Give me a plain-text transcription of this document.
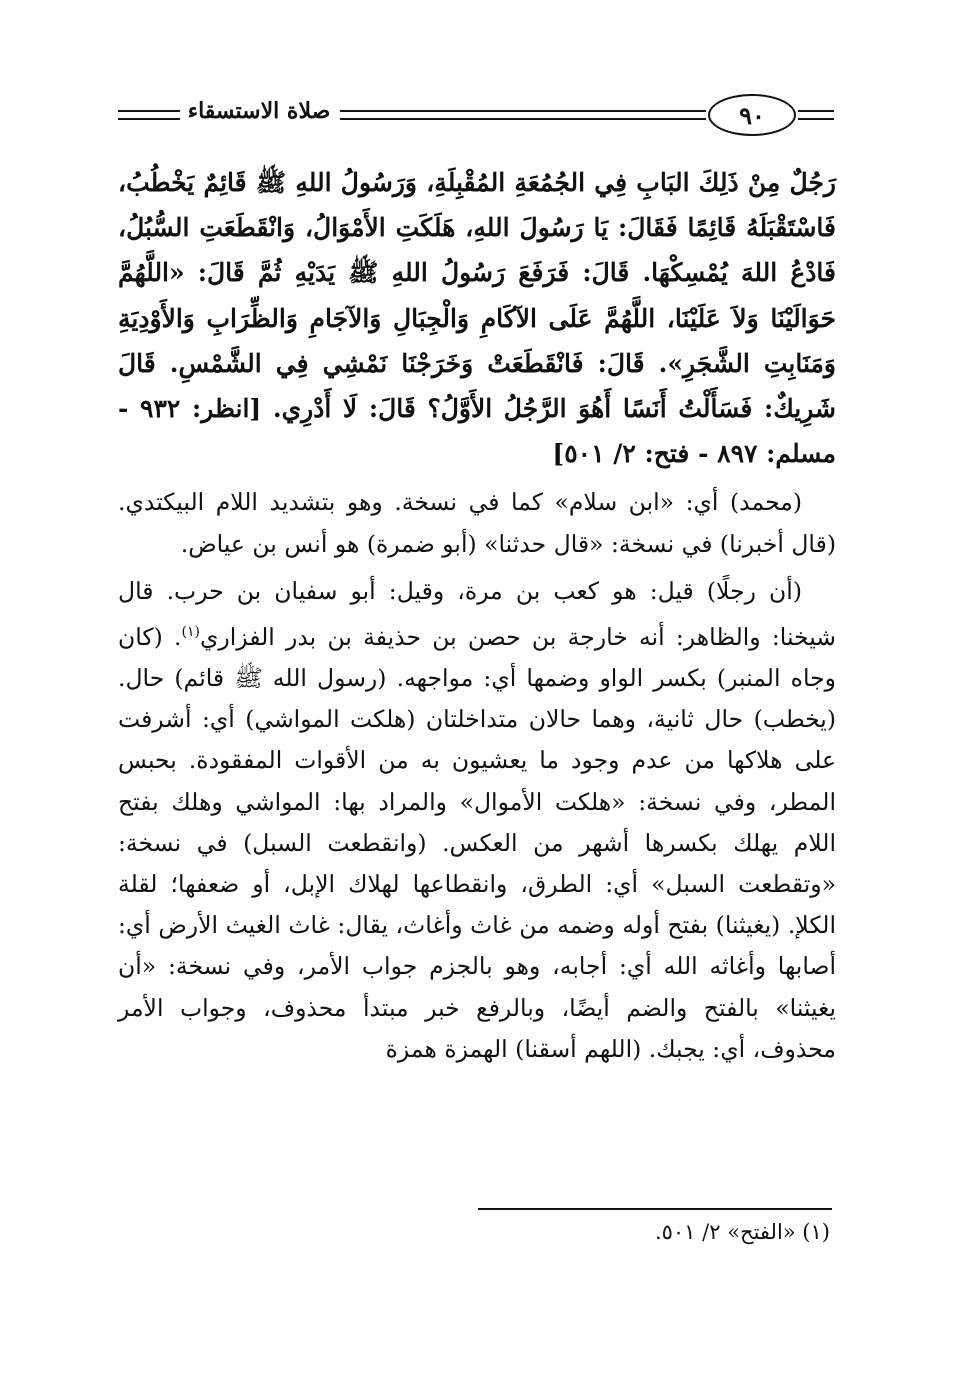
٩٠
صلاة الاستسقاء

رَجُلٌ مِنْ ذَلِكَ البَابِ فِي الجُمُعَةِ المُقْبِلَةِ، وَرَسُولُ اللهِ ﷺ قَائِمٌ يَخْطُبُ، فَاسْتَقْبَلَهُ قَائِمًا فَقَالَ: يَا رَسُولَ اللهِ، هَلَكَتِ الأَمْوَالُ، وَانْقَطَعَتِ السُّبُلُ، فَادْعُ اللهَ يُمْسِكْهَا. قَالَ: فَرَفَعَ رَسُولُ اللهِ ﷺ يَدَيْهِ ثُمَّ قَالَ: «اللَّهُمَّ حَوَالَيْنَا وَلاَ عَلَيْنَا، اللَّهُمَّ عَلَى الآكَامِ وَالْجِبَالِ وَالآجَامِ وَالظِّرَابِ وَالأَوْدِيَةِ وَمَنَابِتِ الشَّجَرِ». قَالَ: فَانْقَطَعَتْ وَخَرَجْنَا نَمْشِي فِي الشَّمْسِ. قَالَ شَرِيكٌ: فَسَأَلْتُ أَنَسًا أَهُوَ الرَّجُلُ الأَوَّلُ؟ قَالَ: لَا أَدْرِي. [انظر: ٩٣٢ - مسلم: ٨٩٧ - فتح: ٢/ ٥٠١]

(محمد) أي: «ابن سلام» كما في نسخة. وهو بتشديد اللام البيكتدي. (قال أخبرنا) في نسخة: «قال حدثنا» (أبو ضمرة) هو أنس بن عياض.

(أن رجلًا) قيل: هو كعب بن مرة، وقيل: أبو سفيان بن حرب. قال شيخنا: والظاهر: أنه خارجة بن حصن بن حذيفة بن بدر الفزاري$^{(١)}$. (كان وجاه المنبر) بكسر الواو وضمها أي: مواجهه. (رسول الله ﷺ قائم) حال. (يخطب) حال ثانية، وهما حالان متداخلتان (هلكت المواشي) أي: أشرفت على هلاكها من عدم وجود ما يعشيون به من الأقوات المفقودة. بحبس المطر، وفي نسخة: «هلكت الأموال» والمراد بها: المواشي وهلك بفتح اللام يهلك بكسرها أشهر من العكس. (وانقطعت السبل) في نسخة: «وتقطعت السبل» أي: الطرق، وانقطاعها لهلاك الإبل، أو ضعفها؛ لقلة الكلإ. (يغيثنا) بفتح أوله وضمه من غاث وأغاث، يقال: غاث الغيث الأرض أي: أصابها وأغاثه الله أي: أجابه، وهو بالجزم جواب الأمر، وفي نسخة: «أن يغيثنا» بالفتح والضم أيضًا، وبالرفع خبر مبتدأ محذوف، وجواب الأمر محذوف، أي: يجبك. (اللهم أسقنا) الهمزة همزة

(١) «الفتح» ٢/ ٥٠١.
